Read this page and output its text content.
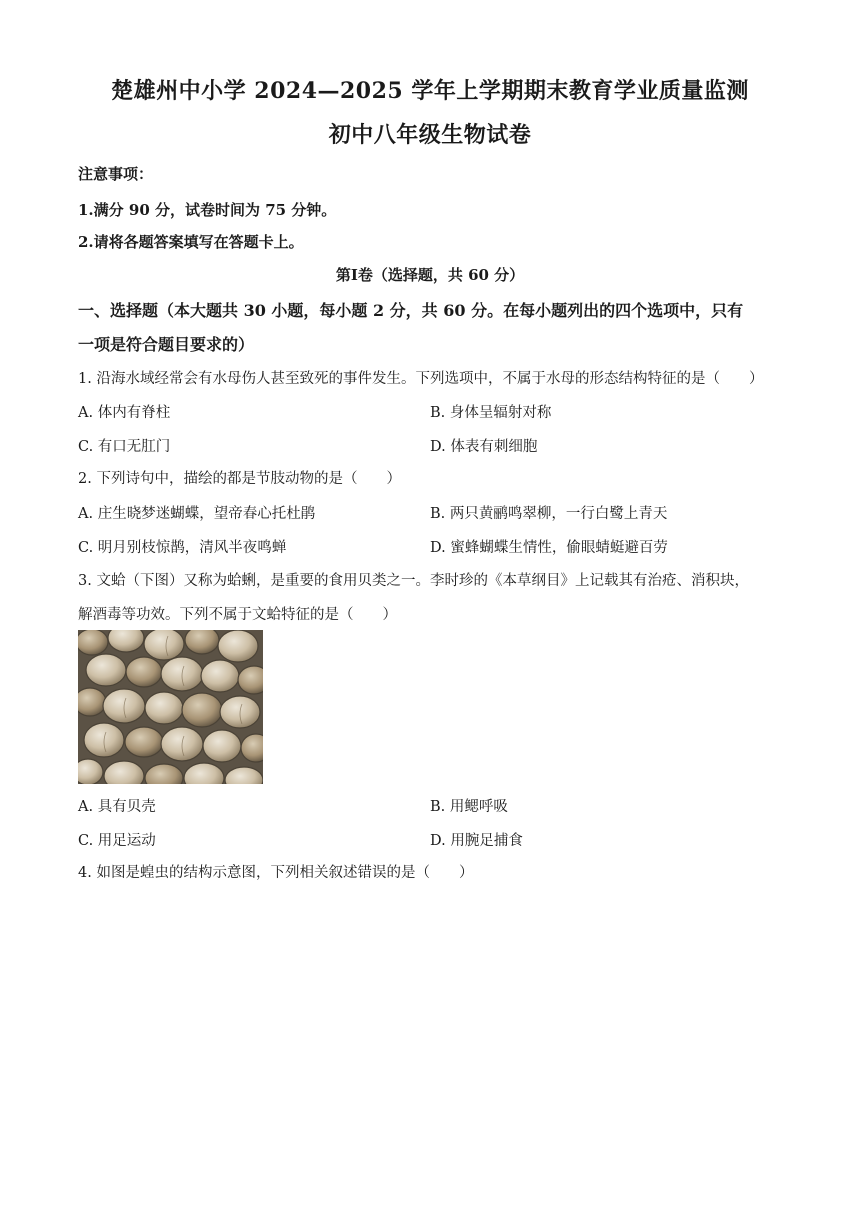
楚雄州中小学 2024—2025 学年上学期期末教育学业质量监测
初中八年级生物试卷
注意事项：
1.满分 90 分，试卷时间为 75 分钟。
2.请将各题答案填写在答题卡上。
第Ⅰ卷（选择题，共 60 分）
一、选择题（本大题共 30 小题，每小题 2 分，共 60 分。在每小题列出的四个选项中，只有
一项是符合题目要求的）
1. 沿海水域经常会有水母伤人甚至致死的事件发生。下列选项中，不属于水母的形态结构特征的是（　　）
A. 体内有脊柱	B. 身体呈辐射对称
C. 有口无肛门	D. 体表有刺细胞
2. 下列诗句中，描绘的都是节肢动物的是（　　）
A. 庄生晓梦迷蝴蝶，望帝春心托杜鹃	B. 两只黄鹂鸣翠柳，一行白鹭上青天
C. 明月别枝惊鹊，清风半夜鸣蝉	D. 蜜蜂蝴蝶生情性，偷眼蜻蜓避百劳
3. 文蛤（下图）又称为蛤蜊，是重要的食用贝类之一。李时珍的《本草纲目》上记载其有治疮、消积块，
解酒毒等功效。下列不属于文蛤特征的是（　　）
A. 具有贝壳	B. 用鳃呼吸
C. 用足运动	D. 用腕足捕食
4. 如图是蝗虫的结构示意图，下列相关叙述错误的是（　　）
